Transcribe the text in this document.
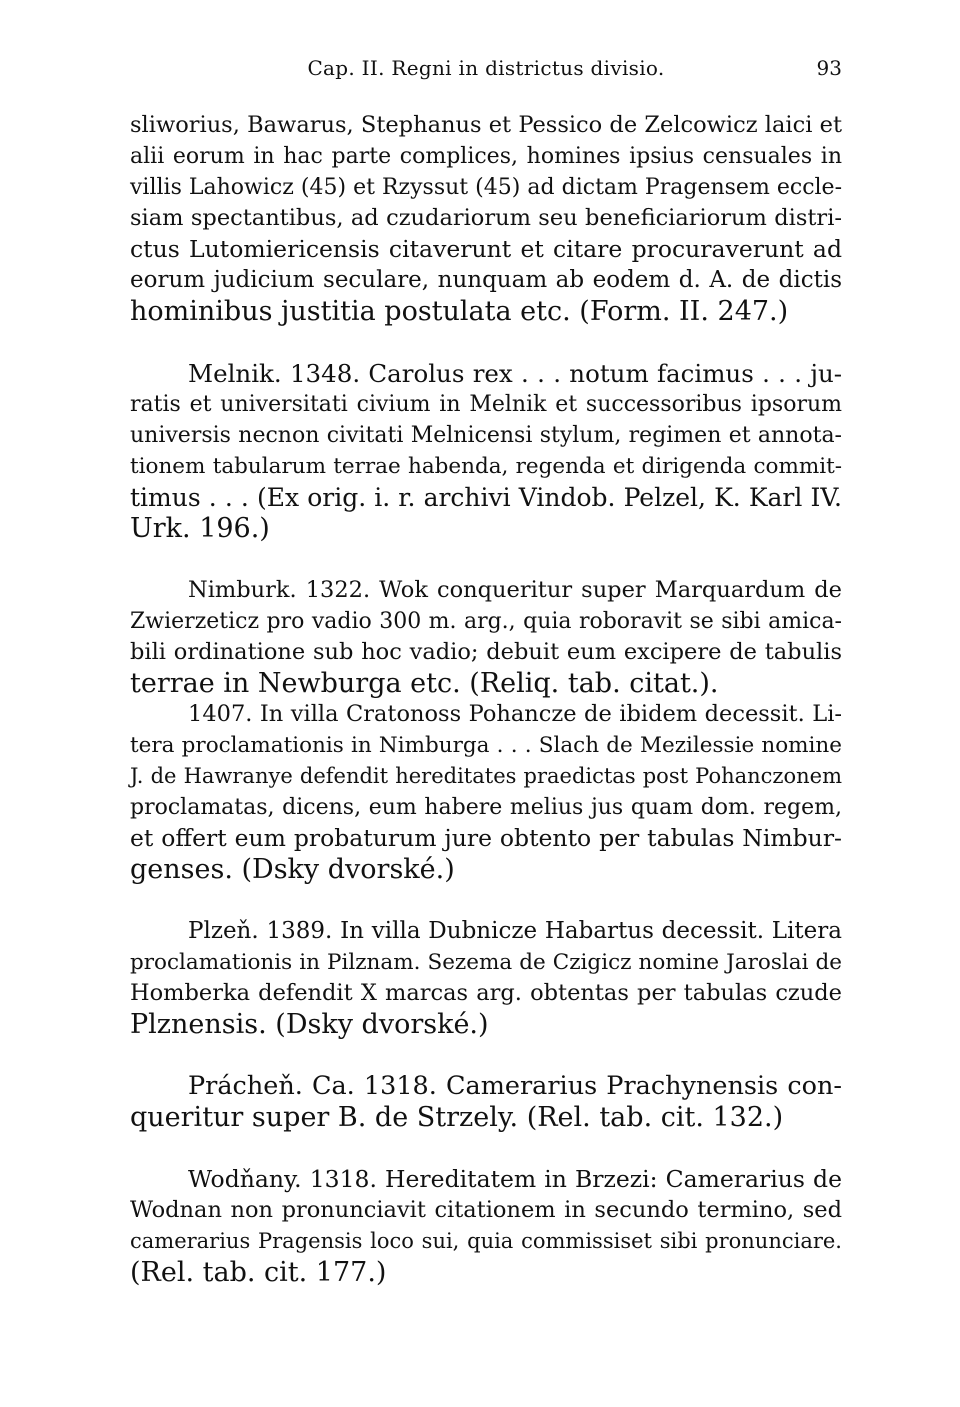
Cap. II. Regni in districtus divisio.	93

sliworius, Bawarus, Stephanus et Pessico de Zelcowicz laici et
alii eorum in hac parte complices, homines ipsius censuales in
villis Lahowicz (45) et Rzyssut (45) ad dictam Pragensem eccle-
siam spectantibus, ad czudariorum seu beneficiariorum distri-
ctus Lutomiericensis citaverunt et citare procuraverunt ad
eorum judicium seculare, nunquam ab eodem d. A. de dictis
hominibus justitia postulata etc. (Form. II. 247.)

Melnik. 1348. Carolus rex . . . notum facimus . . . ju-
ratis et universitati civium in Melnik et successoribus ipsorum
universis necnon civitati Melnicensi stylum, regimen et annota-
tionem tabularum terrae habenda, regenda et dirigenda commit-
timus . . . (Ex orig. i. r. archivi Vindob. Pelzel, K. Karl IV.
Urk. 196.)

Nimburk. 1322. Wok conqueritur super Marquardum de
Zwierzeticz pro vadio 300 m. arg., quia roboravit se sibi amica-
bili ordinatione sub hoc vadio; debuit eum excipere de tabulis
terrae in Newburga etc. (Reliq. tab. citat.).
1407. In villa Cratonoss Pohancze de ibidem decessit. Li-
tera proclamationis in Nimburga . . . Slach de Mezilessie nomine
J. de Hawranye defendit hereditates praedictas post Pohanczonem
proclamatas, dicens, eum habere melius jus quam dom. regem,
et offert eum probaturum jure obtento per tabulas Nimbur-
genses. (Dsky dvorské.)

Plzeň. 1389. In villa Dubnicze Habartus decessit. Litera
proclamationis in Pilznam. Sezema de Czigicz nomine Jaroslai de
Homberka defendit X marcas arg. obtentas per tabulas czude
Plznensis. (Dsky dvorské.)

Prácheň. Ca. 1318. Camerarius Prachynensis con-
queritur super B. de Strzely. (Rel. tab. cit. 132.)

Wodňany. 1318. Hereditatem in Brzezi: Camerarius de
Wodnan non pronunciavit citationem in secundo termino, sed
camerarius Pragensis loco sui, quia commissiset sibi pronunciare.
(Rel. tab. cit. 177.)
